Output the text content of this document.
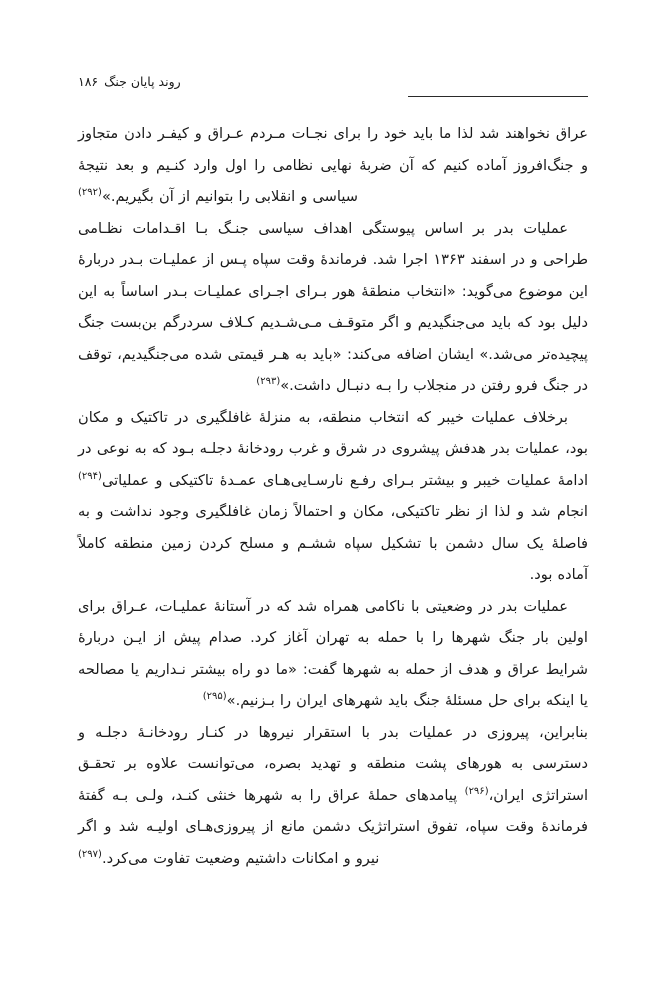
۱۸۶ روند پایان جنگ

عراق نخواهند شد لذا ما باید خود را برای نجـات مـردم عـراق و کیفـر دادن متجاوز و جنگ‌افروز آماده کنیم که آن ضربهٔ نهایی نظامی را اول وارد کنـیم و بعد نتیجهٔ سیاسی و انقلابی را بتوانیم از آن بگیریم.»$^{(۲۹۲)}$

عملیات بدر بر اساس پیوستگی اهداف سیاسی جنـگ بـا اقـدامات نظـامی طراحی و در اسفند ۱۳۶۳ اجرا شد. فرماندهٔ وقت سپاه پـس از عملیـات بـدر دربارهٔ این موضوع می‌گوید: «انتخاب منطقهٔ هور بـرای اجـرای عملیـات بـدر اساساً به این دلیل بود که باید می‌جنگیدیم و اگر متوقـف مـی‌شـدیم کـلاف سردرگم بن‌بست جنگ پیچیده‌تر می‌شد.» ایشان اضافه می‌کند: «باید به هـر قیمتی شده می‌جنگیدیم، توقف در جنگ فرو رفتن در منجلاب را بـه دنبـال داشت.»$^{(۲۹۳)}$

برخلاف عملیات خیبر که انتخاب منطقه، به منزلهٔ غافلگیری در تاکتیک و مکان بود، عملیات بدر هدفش پیشروی در شرق و غرب رودخانهٔ دجلـه بـود که به نوعی در ادامهٔ عملیات خیبر و بیشتر بـرای رفـع نارسـایی‌هـای عمـدهٔ تاکتیکی و عملیاتی$^{(۲۹۴)}$ انجام شد و لذا از نظر تاکتیکی، مکان و احتمالاً زمان غافلگیری وجود نداشت و به فاصلهٔ یک سال دشمن با تشکیل سپاه ششـم و مسلح کردن زمین منطقه کاملاً آماده بود.

عملیات بدر در وضعیتی با ناکامی همراه شد که در آستانهٔ عملیـات، عـراق برای اولین بار جنگ شهرها را با حمله به تهران آغاز کرد. صدام پیش از ایـن دربارهٔ شرایط عراق و هدف از حمله به شهرها گفت: «ما دو راه بیشتر نـداریم یا مصالحه یا اینکه برای حل مسئلهٔ جنگ باید شهرهای ایران را بـزنیم.»$^{(۲۹۵)}$

بنابراین، پیروزی در عملیات بدر با استقرار نیروها در کنـار رودخانـهٔ دجلـه و دسترسی به هورهای پشت منطقه و تهدید بصره، می‌توانست علاوه بر تحقـق استراتژی ایران،$^{(۲۹۶)}$ پیامدهای حملهٔ عراق را به شهرها خنثی کنـد، ولـی بـه گفتهٔ فرماندهٔ وقت سپاه، تفوق استراتژیک دشمن مانع از پیروزی‌هـای اولیـه شد و اگر نیرو و امکانات داشتیم وضعیت تفاوت می‌کرد.$^{(۲۹۷)}$
